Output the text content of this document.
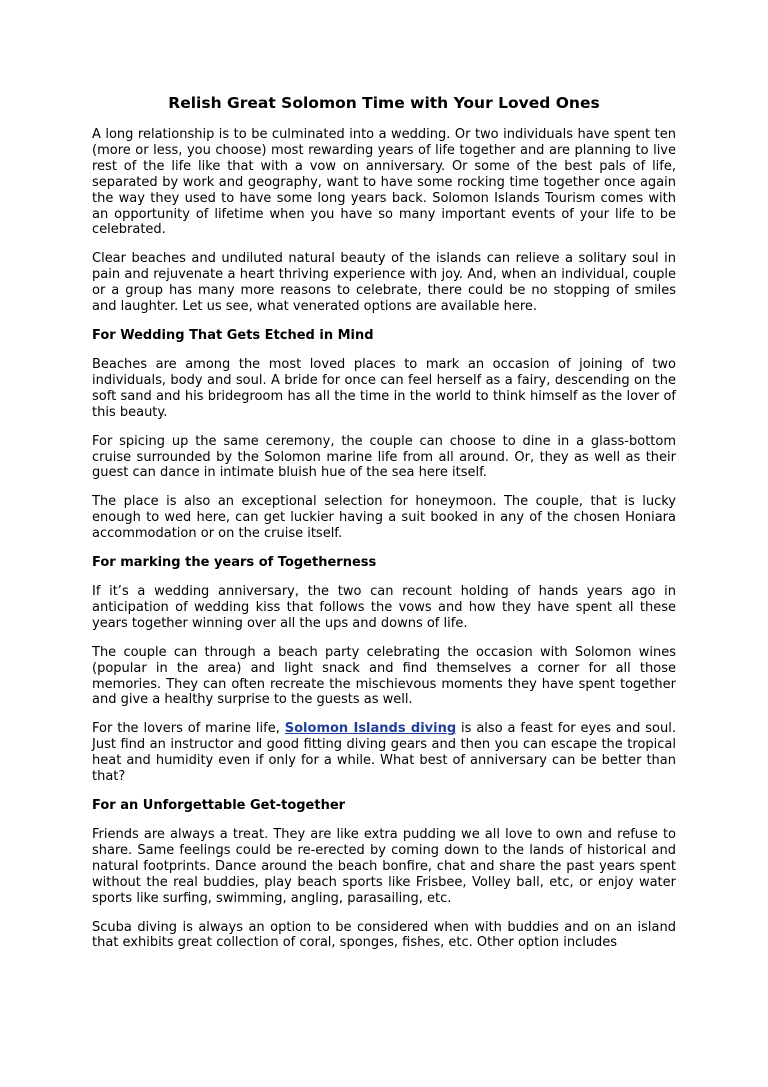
Relish Great Solomon Time with Your Loved Ones

A long relationship is to be culminated into a wedding. Or two individuals have spent ten (more or less, you choose) most rewarding years of life together and are planning to live rest of the life like that with a vow on anniversary. Or some of the best pals of life, separated by work and geography, want to have some rocking time together once again the way they used to have some long years back. Solomon Islands Tourism comes with an opportunity of lifetime when you have so many important events of your life to be celebrated.

Clear beaches and undiluted natural beauty of the islands can relieve a solitary soul in pain and rejuvenate a heart thriving experience with joy. And, when an individual, couple or a group has many more reasons to celebrate, there could be no stopping of smiles and laughter. Let us see, what venerated options are available here.

For Wedding That Gets Etched in Mind

Beaches are among the most loved places to mark an occasion of joining of two individuals, body and soul. A bride for once can feel herself as a fairy, descending on the soft sand and his bridegroom has all the time in the world to think himself as the lover of this beauty.

For spicing up the same ceremony, the couple can choose to dine in a glass-bottom cruise surrounded by the Solomon marine life from all around. Or, they as well as their guest can dance in intimate bluish hue of the sea here itself.

The place is also an exceptional selection for honeymoon. The couple, that is lucky enough to wed here, can get luckier having a suit booked in any of the chosen Honiara accommodation or on the cruise itself.

For marking the years of Togetherness

If it’s a wedding anniversary, the two can recount holding of hands years ago in anticipation of wedding kiss that follows the vows and how they have spent all these years together winning over all the ups and downs of life.

The couple can through a beach party celebrating the occasion with Solomon wines (popular in the area) and light snack and find themselves a corner for all those memories. They can often recreate the mischievous moments they have spent together and give a healthy surprise to the guests as well.

For the lovers of marine life, Solomon Islands diving is also a feast for eyes and soul. Just find an instructor and good fitting diving gears and then you can escape the tropical heat and humidity even if only for a while. What best of anniversary can be better than that?

For an Unforgettable Get-together

Friends are always a treat. They are like extra pudding we all love to own and refuse to share. Same feelings could be re-erected by coming down to the lands of historical and natural footprints. Dance around the beach bonfire, chat and share the past years spent without the real buddies, play beach sports like Frisbee, Volley ball, etc, or enjoy water sports like surfing, swimming, angling, parasailing, etc.

Scuba diving is always an option to be considered when with buddies and on an island that exhibits great collection of coral, sponges, fishes, etc. Other option includes
